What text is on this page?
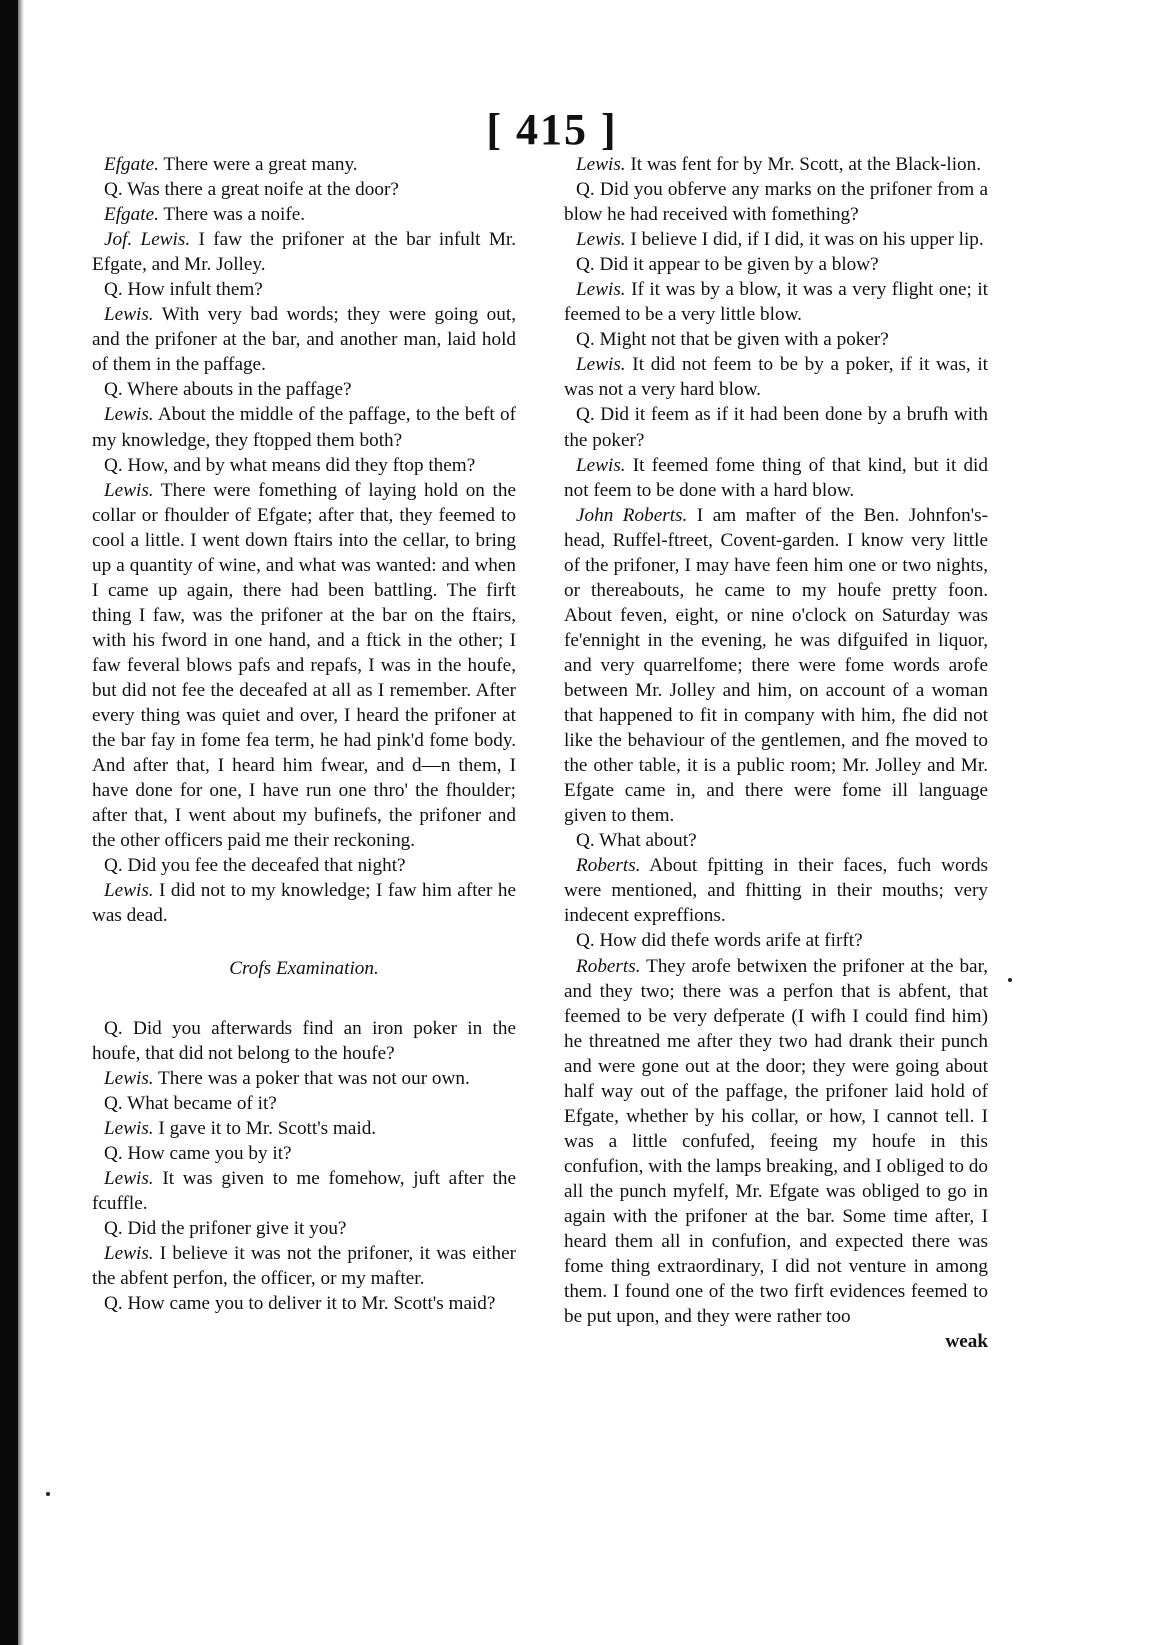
[ 415 ]

Efgate. There were a great many.

Q. Was there a great noife at the door?

Efgate. There was a noife.

Jof. Lewis. I faw the prifoner at the bar infult Mr. Efgate, and Mr. Jolley.

Q. How infult them?

Lewis. With very bad words; they were going out, and the prifoner at the bar, and another man, laid hold of them in the paffage.

Q. Where abouts in the paffage?

Lewis. About the middle of the paffage, to the beft of my knowledge, they ftopped them both?

Q. How, and by what means did they ftop them?

Lewis. There were fomething of laying hold on the collar or fhoulder of Efgate; after that, they feemed to cool a little. I went down ftairs into the cellar, to bring up a quantity of wine, and what was wanted: and when I came up again, there had been battling. The firft thing I faw, was the prifoner at the bar on the ftairs, with his fword in one hand, and a ftick in the other; I faw feveral blows pafs and repafs, I was in the houfe, but did not fee the deceafed at all as I remember. After every thing was quiet and over, I heard the prifoner at the bar fay in fome fea term, he had pink'd fome body. And after that, I heard him fwear, and d—n them, I have done for one, I have run one thro' the fhoulder; after that, I went about my bufinefs, the prifoner and the other officers paid me their reckoning.

Q. Did you fee the deceafed that night?

Lewis. I did not to my knowledge; I faw him after he was dead.

Crofs Examination.

Q. Did you afterwards find an iron poker in the houfe, that did not belong to the houfe?

Lewis. There was a poker that was not our own.

Q. What became of it?

Lewis. I gave it to Mr. Scott's maid.

Q. How came you by it?

Lewis. It was given to me fomehow, juft after the fcuffle.

Q. Did the prifoner give it you?

Lewis. I believe it was not the prifoner, it was either the abfent perfon, the officer, or my mafter.

Q. How came you to deliver it to Mr. Scott's maid?

Lewis. It was fent for by Mr. Scott, at the Black-lion.

Q. Did you obferve any marks on the prifoner from a blow he had received with fomething?

Lewis. I believe I did, if I did, it was on his upper lip.

Q. Did it appear to be given by a blow?

Lewis. If it was by a blow, it was a very flight one; it feemed to be a very little blow.

Q. Might not that be given with a poker?

Lewis. It did not feem to be by a poker, if it was, it was not a very hard blow.

Q. Did it feem as if it had been done by a brufh with the poker?

Lewis. It feemed fome thing of that kind, but it did not feem to be done with a hard blow.

John Roberts. I am mafter of the Ben. Johnfon's-head, Ruffel-ftreet, Covent-garden. I know very little of the prifoner, I may have feen him one or two nights, or thereabouts, he came to my houfe pretty foon. About feven, eight, or nine o'clock on Saturday was fe'ennight in the evening, he was difguifed in liquor, and very quarrelfome; there were fome words arofe between Mr. Jolley and him, on account of a woman that happened to fit in company with him, fhe did not like the behaviour of the gentlemen, and fhe moved to the other table, it is a public room; Mr. Jolley and Mr. Efgate came in, and there were fome ill language given to them.

Q. What about?

Roberts. About fpitting in their faces, fuch words were mentioned, and fhitting in their mouths; very indecent expreffions.

Q. How did thefe words arife at firft?

Roberts. They arofe betwixen the prifoner at the bar, and they two; there was a perfon that is abfent, that feemed to be very defperate (I wifh I could find him) he threatned me after they two had drank their punch and were gone out at the door; they were going about half way out of the paffage, the prifoner laid hold of Efgate, whether by his collar, or how, I cannot tell. I was a little confufed, feeing my houfe in this confufion, with the lamps breaking, and I obliged to do all the punch myfelf, Mr. Efgate was obliged to go in again with the prifoner at the bar. Some time after, I heard them all in confufion, and expected there was fome thing extraordinary, I did not venture in among them. I found one of the two firft evidences feemed to be put upon, and they were rather too

weak
